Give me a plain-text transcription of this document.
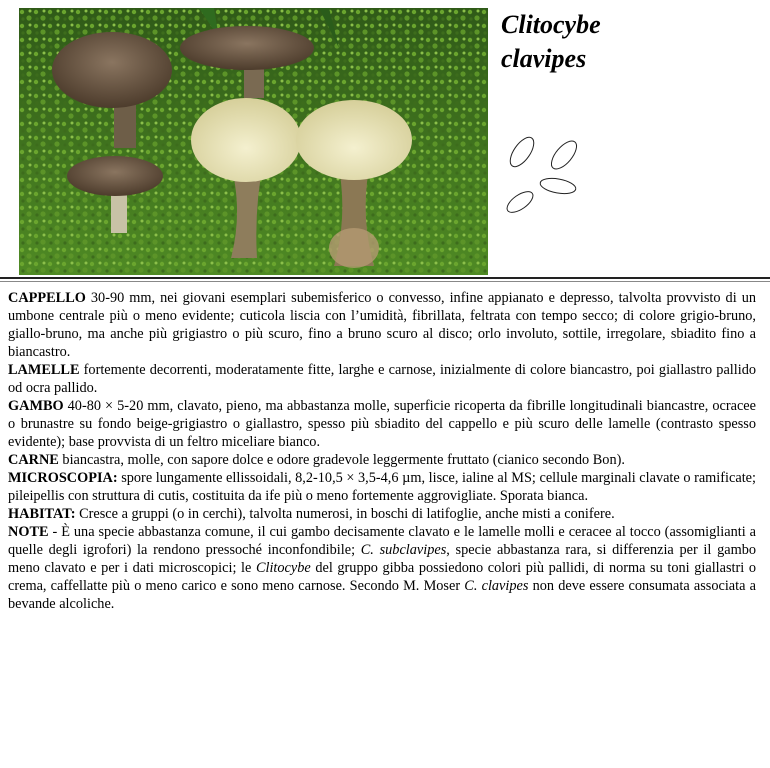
Clitocybe
clavipes

CAPPELLO 30-90 mm, nei giovani esemplari subemisferico o convesso, infine appianato e depresso, talvolta provvisto di un umbone centrale più o meno evidente; cuticola liscia con l’umidità, fibrillata, feltrata con tempo secco; di colore grigio-bruno, giallo-bruno, ma anche più grigiastro o più scuro, fino a bruno scuro al disco; orlo involuto, sottile, irregolare, sbiadito fino a biancastro.

LAMELLE fortemente decorrenti, moderatamente fitte, larghe e carnose, inizialmente di colore biancastro, poi giallastro pallido od ocra pallido.

GAMBO 40-80 × 5-20 mm, clavato, pieno, ma abbastanza molle, superficie ricoperta da fibrille longitudinali biancastre, ocracee o brunastre su fondo beige-grigiastro o giallastro, spesso più sbiadito del cappello e più scuro delle lamelle (contrasto spesso evidente); base provvista di un feltro miceliare bianco.

CARNE biancastra, molle, con sapore dolce e odore gradevole leggermente fruttato (cianico secondo Bon).

MICROSCOPIA: spore lungamente ellissoidali, 8,2-10,5 × 3,5-4,6 µm, lisce, ialine al MS; cellule marginali clavate o ramificate; pileipellis con struttura di cutis, costituita da ife più o meno fortemente aggrovigliate. Sporata bianca.

HABITAT: Cresce a gruppi (o in cerchi), talvolta numerosi, in boschi di latifoglie, anche misti a conifere.

NOTE - È una specie abbastanza comune, il cui gambo decisamente clavato e le lamelle molli e ceracee al tocco (assomiglianti a quelle degli igrofori) la rendono pressoché inconfondibile; C. subclavipes, specie abbastanza rara, si differenzia per il gambo meno clavato e per i dati microscopici; le Clitocybe del gruppo gibba possiedono colori più pallidi, di norma su toni giallastri o crema, caffellatte più o meno carico e sono meno carnose. Secondo M. Moser C. clavipes non deve essere consumata associata a bevande alcoliche.
